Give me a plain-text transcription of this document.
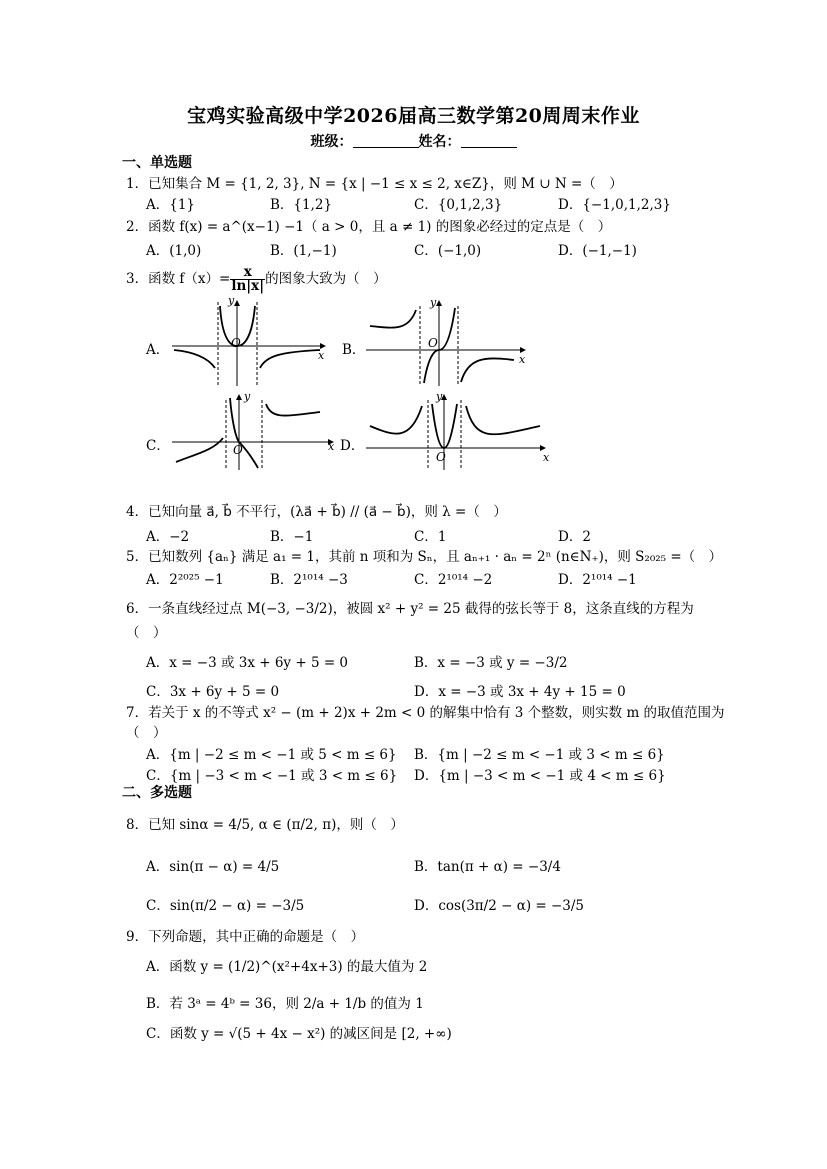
宝鸡实验高级中学2026届高三数学第20周周末作业
班级：	姓名：
一、单选题
1．已知集合 M = {1, 2, 3}, N = {x | −1 ≤ x ≤ 2, x∈Z}，则 M ∪ N =（　）
A．{1}	B．{1,2}	C．{0,1,2,3}	D．{−1,0,1,2,3}
2．函数 f(x) = a^(x−1) −1（ a > 0，且 a ≠ 1) 的图象必经过的定点是（　）
A．(1,0)	B．(1,−1)	C．(−1,0)	D．(−1,−1)
3．函数 $f(x)= \frac{x}{\ln|x|}$ 的图象大致为（　）
A．	O
x
y
B．	O
x
y
C．	O	x
y
D．
O	x
y
4．已知向量 a⃗, b⃗ 不平行，(λa⃗ + b⃗) // (a⃗ − b⃗)，则 λ =（　）
A．−2	B．−1	C．1	D．2
5．已知数列 {aₙ} 满足 a₁ = 1，其前 n 项和为 Sₙ，且 aₙ₊₁ · aₙ = 2ⁿ (n∈N₊)，则 S₂₀₂₅ =（　）
A．2²⁰²⁵ −1	B．2¹⁰¹⁴ −3	C．2¹⁰¹⁴ −2	D．2¹⁰¹⁴ −1
6．一条直线经过点 M(−3, −3/2)，被圆 x² + y² = 25 截得的弦长等于 8，这条直线的方程为
（　）
A．x = −3 或 3x + 6y + 5 = 0	B．x = −3 或 y = −3/2
C．3x + 6y + 5 = 0	D．x = −3 或 3x + 4y + 15 = 0
7．若关于 x 的不等式 x² − (m + 2)x + 2m < 0 的解集中恰有 3 个整数，则实数 m 的取值范围为
（　）
A．{m | −2 ≤ m < −1 或 5 < m ≤ 6} B．{m | −2 ≤ m < −1 或 3 < m ≤ 6}
C．{m | −3 < m < −1 或 3 < m ≤ 6} D．{m | −3 < m < −1 或 4 < m ≤ 6}
二、多选题
8．已知 sinα = 4/5, α ∈ (π/2, π)，则（　）
A．sin(π − α) = 4/5	B．tan(π + α) = −3/4
C．sin(π/2 − α) = −3/5	D．cos(3π/2 − α) = −3/5
9．下列命题，其中正确的命题是（　）
A．函数 y = (1/2)^(x²+4x+3) 的最大值为 2
B．若 3ᵃ = 4ᵇ = 36，则 2/a + 1/b 的值为 1
C．函数 y = √(5 + 4x − x²) 的减区间是 [2, +∞)
